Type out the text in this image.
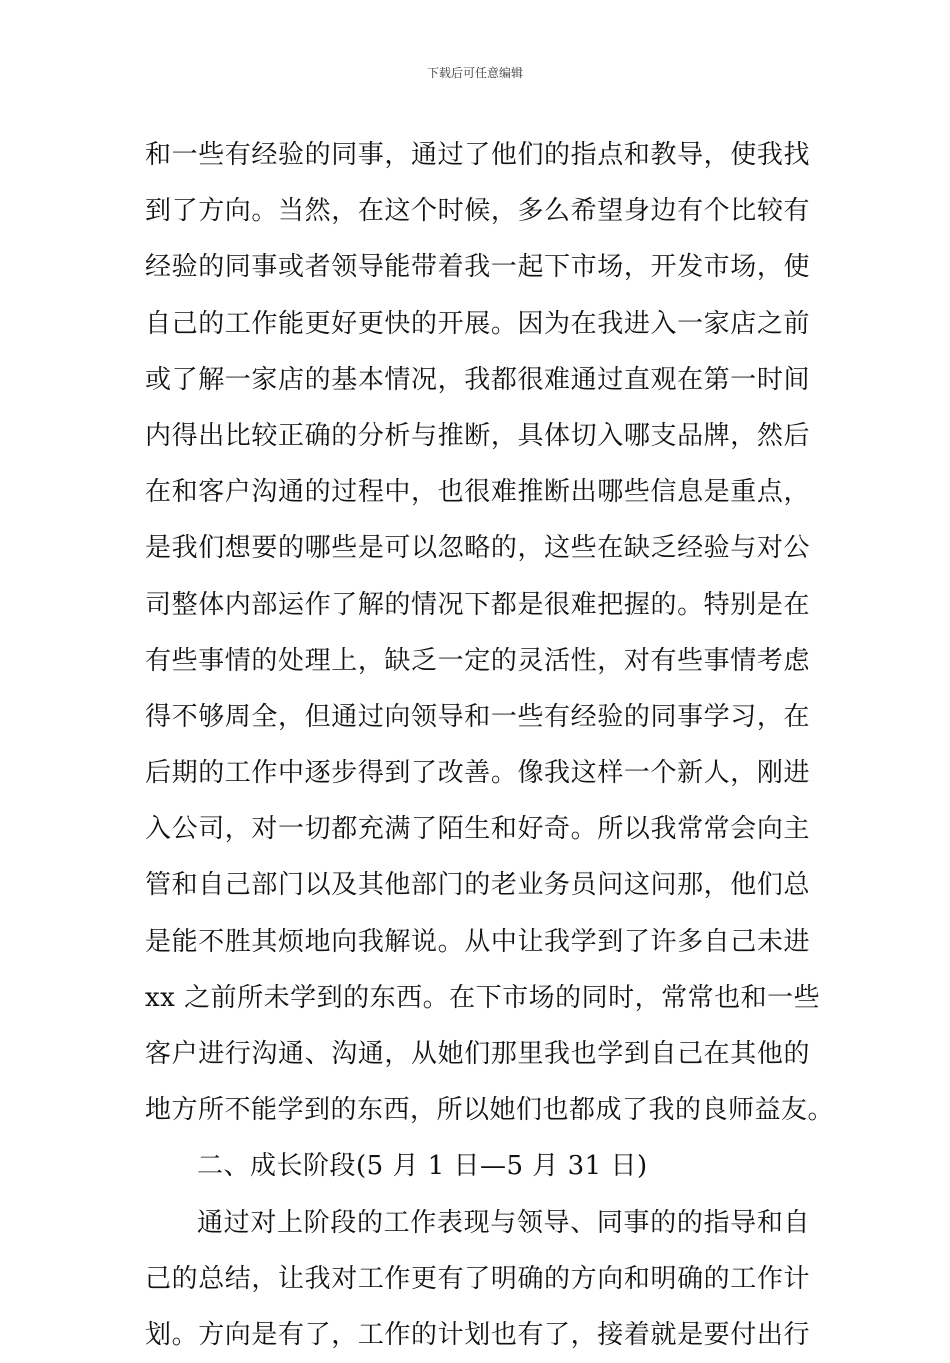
下载后可任意编辑
和一些有经验的同事，通过了他们的指点和教导，使我找
到了方向。当然，在这个时候，多么希望身边有个比较有
经验的同事或者领导能带着我一起下市场，开发市场，使
自己的工作能更好更快的开展。因为在我进入一家店之前
或了解一家店的基本情况，我都很难通过直观在第一时间
内得出比较正确的分析与推断，具体切入哪支品牌，然后
在和客户沟通的过程中，也很难推断出哪些信息是重点，
是我们想要的哪些是可以忽略的，这些在缺乏经验与对公
司整体内部运作了解的情况下都是很难把握的。特别是在
有些事情的处理上，缺乏一定的灵活性，对有些事情考虑
得不够周全，但通过向领导和一些有经验的同事学习，在
后期的工作中逐步得到了改善。像我这样一个新人，刚进
入公司，对一切都充满了陌生和好奇。所以我常常会向主
管和自己部门以及其他部门的老业务员问这问那，他们总
是能不胜其烦地向我解说。从中让我学到了许多自己未进
xx 之前所未学到的东西。在下市场的同时，常常也和一些
客户进行沟通、沟通，从她们那里我也学到自己在其他的
地方所不能学到的东西，所以她们也都成了我的良师益友。
二、成长阶段(5 月 1 日—5 月 31 日)
通过对上阶段的工作表现与领导、同事的的指导和自
己的总结，让我对工作更有了明确的方向和明确的工作计
划。方向是有了，工作的计划也有了，接着就是要付出行
